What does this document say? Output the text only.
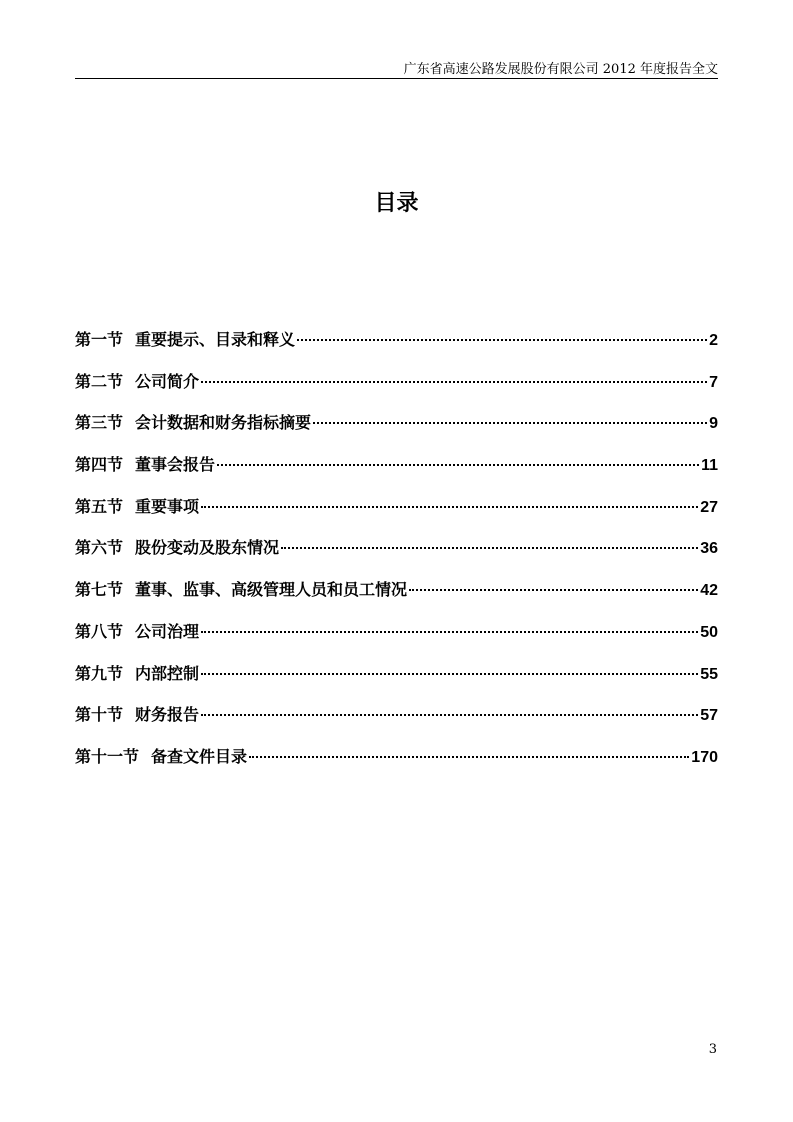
广东省高速公路发展股份有限公司 2012 年度报告全文
目录
第一节 重要提示、目录和释义	2
第二节 公司简介	7
第三节 会计数据和财务指标摘要	9
第四节 董事会报告	11
第五节 重要事项	27
第六节 股份变动及股东情况	36
第七节 董事、监事、高级管理人员和员工情况	42
第八节 公司治理	50
第九节 内部控制	55
第十节 财务报告	57
第十一节 备查文件目录	170
3
